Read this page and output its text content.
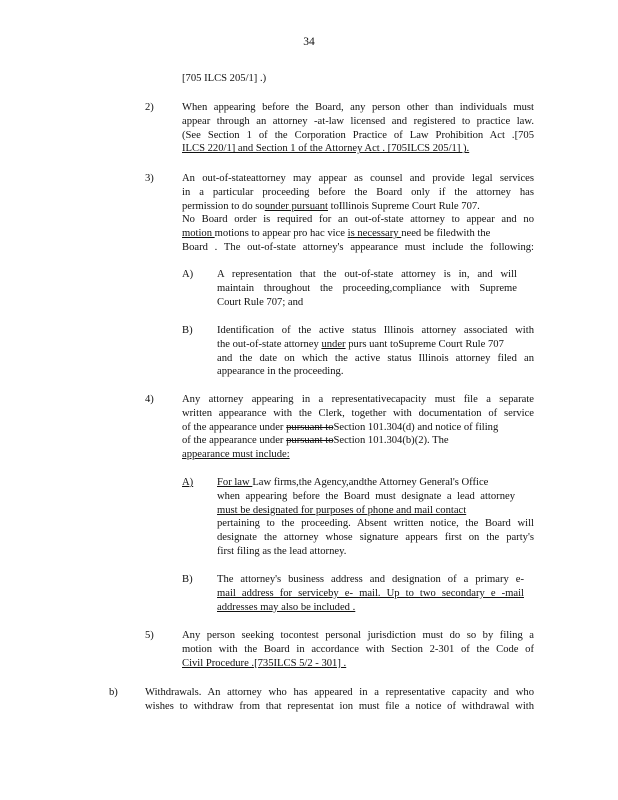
34
[705 ILCS 205/1] .)
2)	When appearing before the Board, any person other than individuals must
appear through an attorney -at-law licensed and registered to practice law.
(See Section 1 of the Corporation Practice of Law Prohibition Act .[705
ILCS 220/1] and Section 1 of the Attorney Act . [705ILCS 205/1] ).
3)	An out-of-stateattorney may appear as counsel and provide legal services
in a particular proceeding before the Board only if the attorney has
permission to do sounder pursuant toIllinois Supreme Court Rule 707.
No Board order is required for an out-of-state attorney to appear and no
motion motions to appear pro hac vice is necessary need be filedwith the
Board . The out-of-state attorney's appearance must include the following:
A)	A representation that the out-of-state attorney is in, and will
maintain throughout the proceeding,compliance with Supreme
Court Rule 707; and
B)	Identification of the active status Illinois attorney associated with
the out-of-state attorney under purs uant toSupreme Court Rule 707
and the date on which the active status Illinois attorney filed an
appearance in the proceeding.
4)	Any attorney appearing in a representativecapacity must file a separate
written appearance with the Clerk, together with documentation of service
of the appearance under pursuant toSection 101.304(d) and notice of filing
of the appearance under pursuant toSection 101.304(b)(2). The
appearance must include:
A)	For law Law firms,the Agency,andthe Attorney General's Office
when appearing before the Board must designate a lead attorney
must be designated for purposes of phone and mail contact
pertaining to the proceeding. Absent written notice, the Board will
designate the attorney whose signature appears first on the party's
first filing as the lead attorney.
B)	The attorney's business address and designation of a primary e-
mail address for serviceby e- mail. Up to two secondary e -mail
addresses may also be included .
5)	Any person seeking tocontest personal jurisdiction must do so by filing a
motion with the Board in accordance with Section 2-301 of the Code of
Civil Procedure .[735ILCS 5/2 - 301] .
b)	Withdrawals. An attorney who has appeared in a representative capacity and who
wishes to withdraw from that representat ion must file a notice of withdrawal with
